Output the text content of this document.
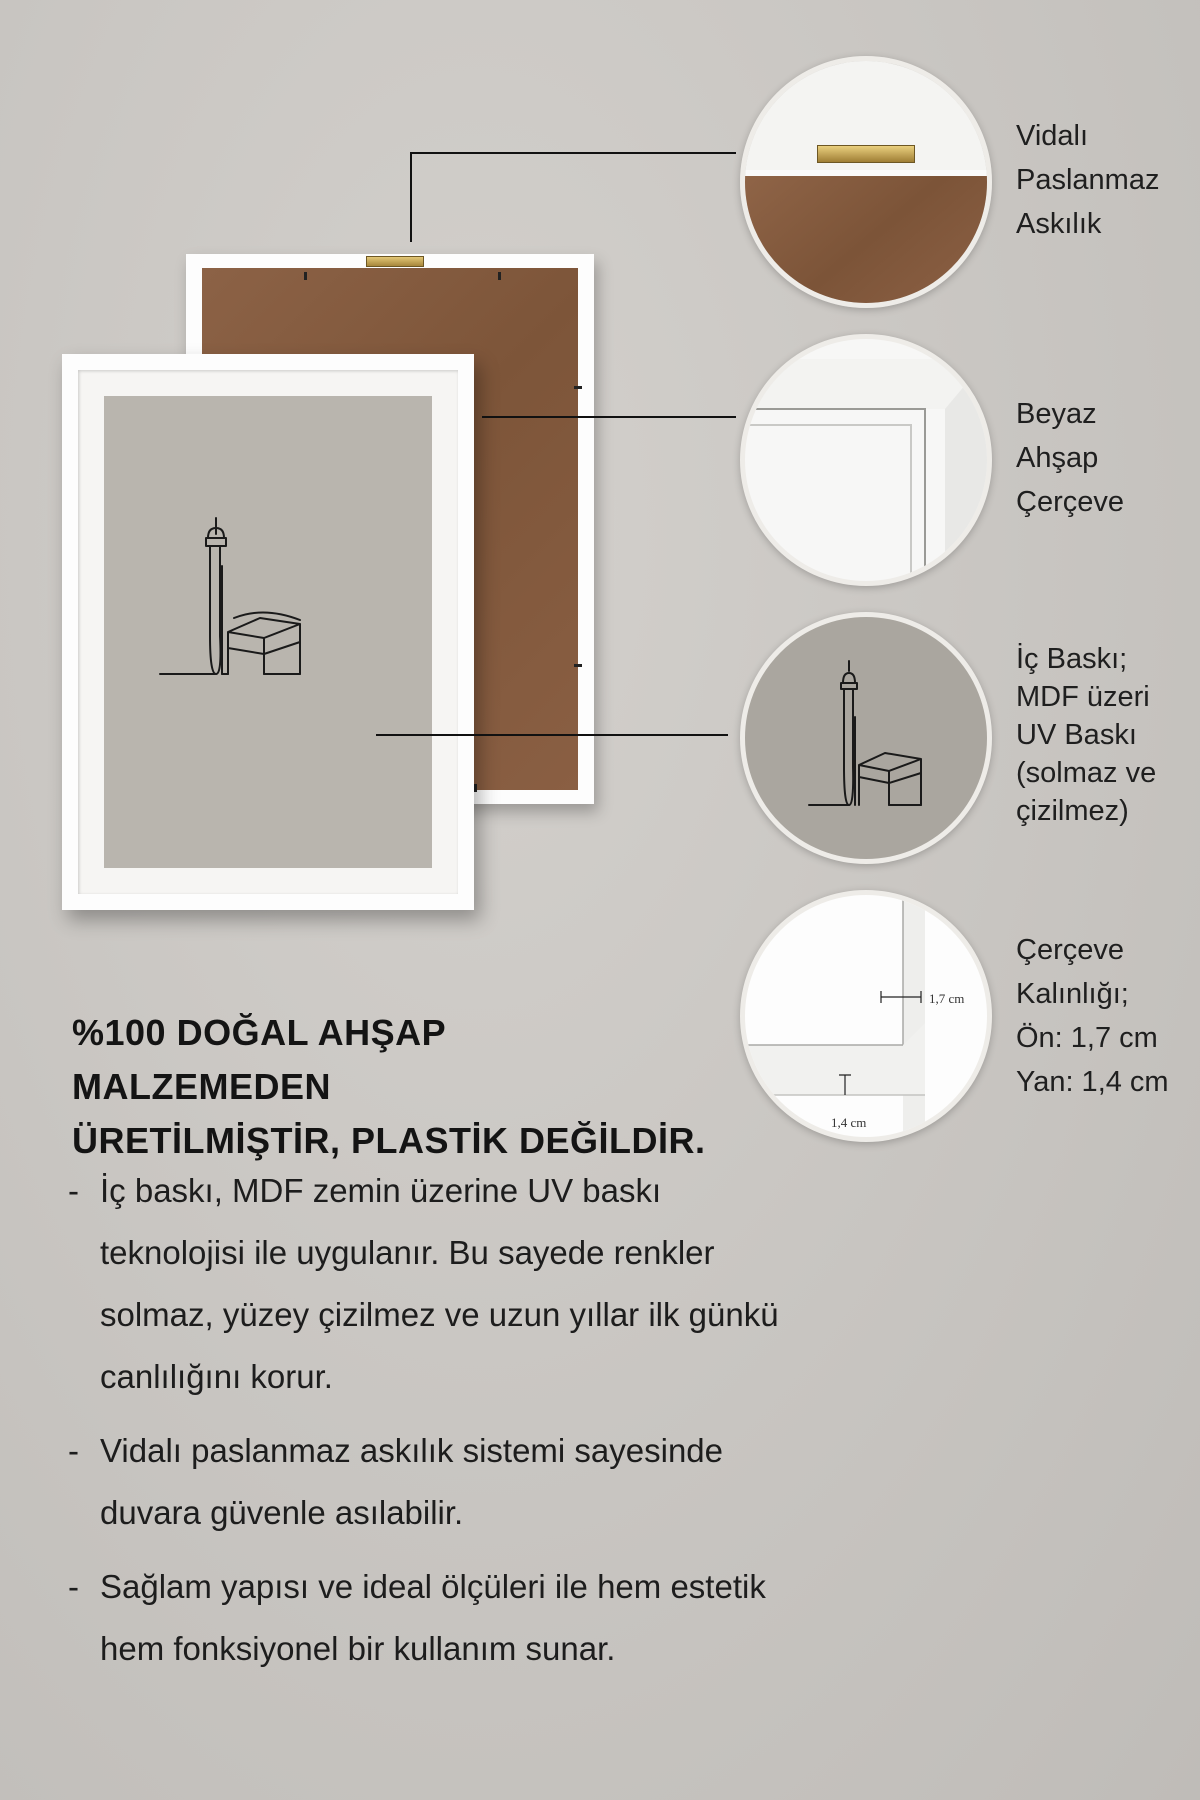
Vidalı
Paslanmaz
Askılık
Beyaz
Ahşap
Çerçeve
İç Baskı;
MDF üzeri
UV Baskı
(solmaz ve
çizilmez)
1,7 cm
1,4 cm
Çerçeve
Kalınlığı;
Ön: 1,7 cm
Yan: 1,4 cm
%100 DOĞAL AHŞAP MALZEMEDEN
ÜRETİLMİŞTİR, PLASTİK DEĞİLDİR.
- İç baskı, MDF zemin üzerine UV baskı teknolojisi ile uygulanır. Bu sayede renkler solmaz, yüzey çizilmez ve uzun yıllar ilk günkü canlılığını korur.
- Vidalı paslanmaz askılık sistemi sayesinde duvara güvenle asılabilir.
- Sağlam yapısı ve ideal ölçüleri ile hem estetik hem fonksiyonel bir kullanım sunar.
